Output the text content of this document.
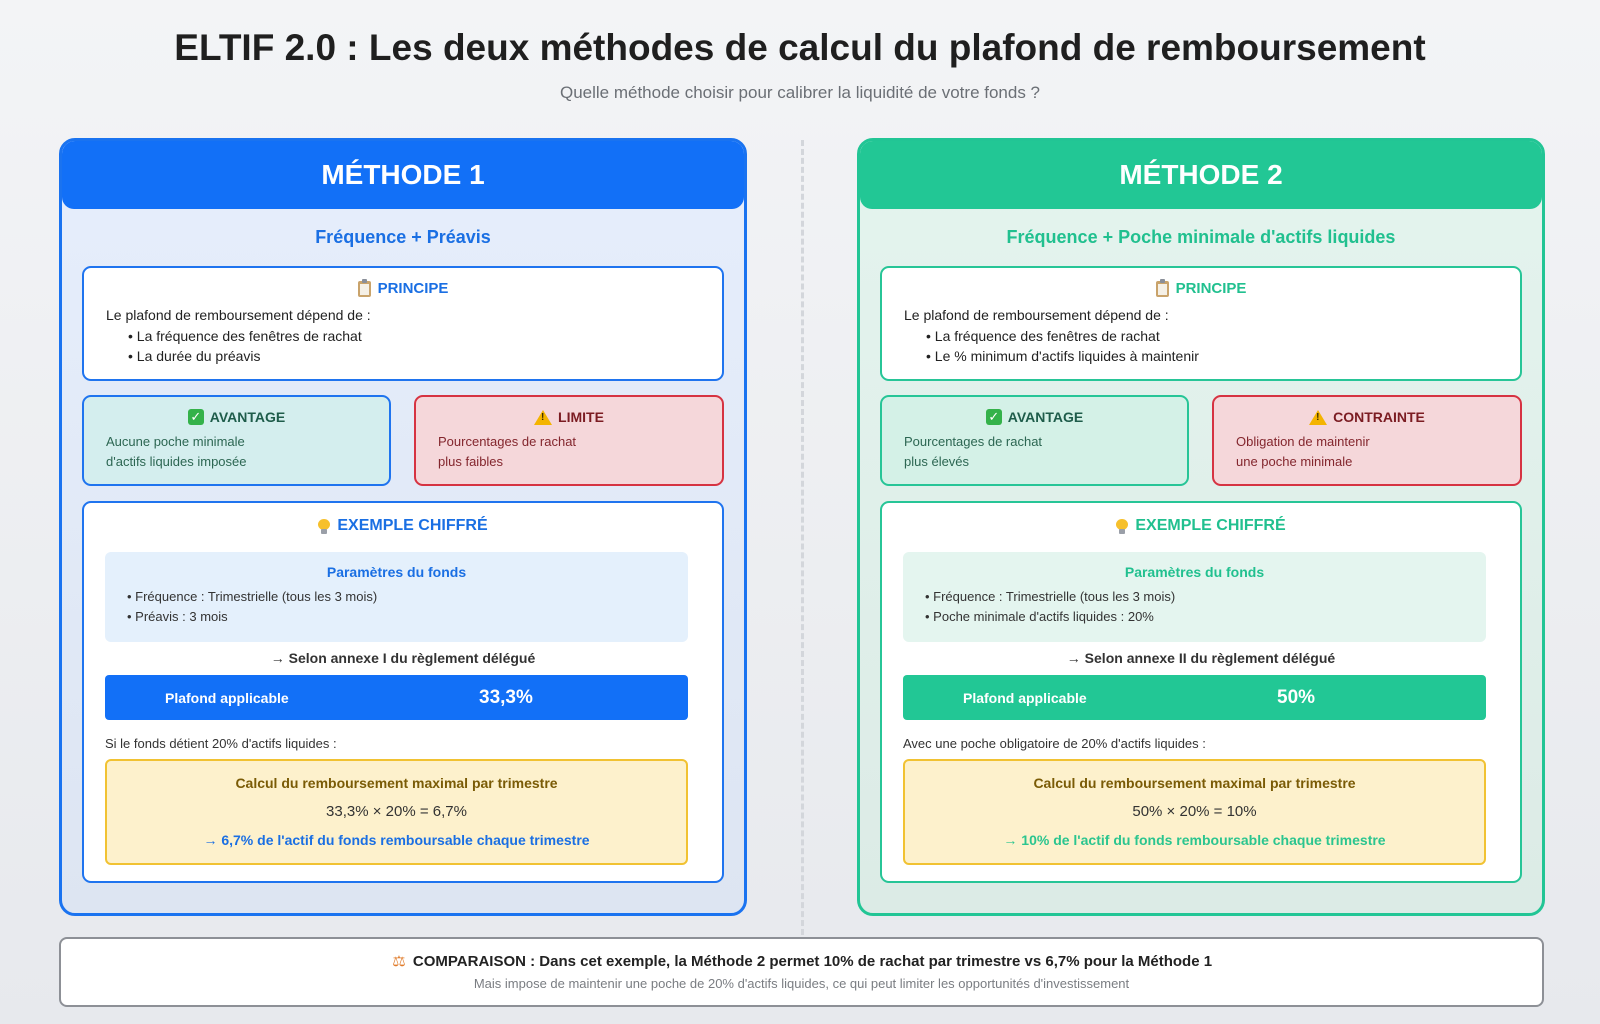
ELTIF 2.0 : Les deux méthodes de calcul du plafond de remboursement
Quelle méthode choisir pour calibrer la liquidité de votre fonds ?
MÉTHODE 1
Fréquence + Préavis
PRINCIPE
Le plafond de remboursement dépend de :
• La fréquence des fenêtres de rachat
• La durée du préavis
✓ AVANTAGE
Aucune poche minimale
d'actifs liquides imposée
!
LIMITE
Pourcentages de rachat
plus faibles
EXEMPLE CHIFFRÉ
Paramètres du fonds
• Fréquence : Trimestrielle (tous les 3 mois)
• Préavis : 3 mois
→ Selon annexe I du règlement délégué
Plafond applicable	33,3%
Si le fonds détient 20% d'actifs liquides :
Calcul du remboursement maximal par trimestre
33,3% × 20% = 6,7%
→ 6,7% de l'actif du fonds remboursable chaque trimestre
MÉTHODE 2
Fréquence + Poche minimale d'actifs liquides
PRINCIPE
Le plafond de remboursement dépend de :
• La fréquence des fenêtres de rachat
• Le % minimum d'actifs liquides à maintenir
✓ AVANTAGE
Pourcentages de rachat
plus élevés
!
CONTRAINTE
Obligation de maintenir
une poche minimale
EXEMPLE CHIFFRÉ
Paramètres du fonds
• Fréquence : Trimestrielle (tous les 3 mois)
• Poche minimale d'actifs liquides : 20%
→ Selon annexe II du règlement délégué
Plafond applicable	50%
Avec une poche obligatoire de 20% d'actifs liquides :
Calcul du remboursement maximal par trimestre
50% × 20% = 10%
→ 10% de l'actif du fonds remboursable chaque trimestre
⚖ COMPARAISON : Dans cet exemple, la Méthode 2 permet 10% de rachat par trimestre vs 6,7% pour la Méthode 1
Mais impose de maintenir une poche de 20% d'actifs liquides, ce qui peut limiter les opportunités d'investissement
